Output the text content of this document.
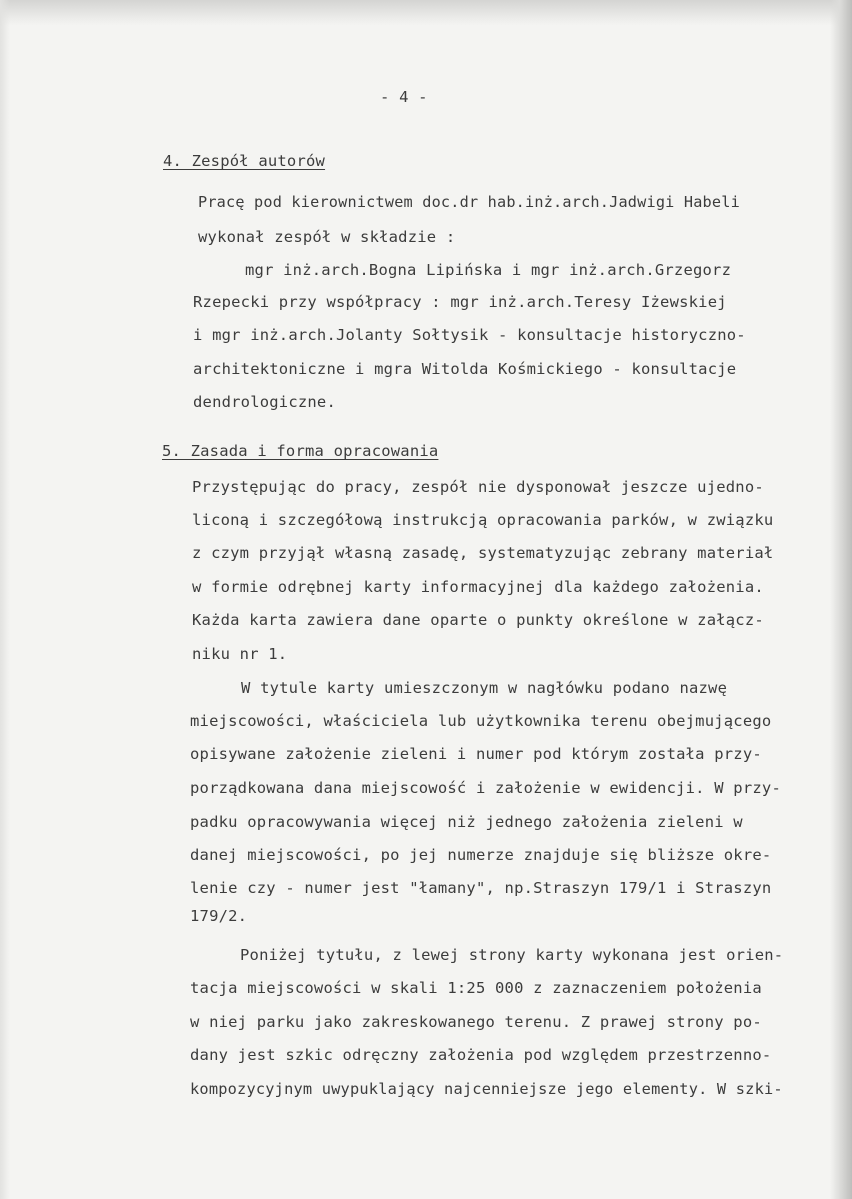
- 4 -
4. Zespół autorów
Pracę pod kierownictwem doc.dr hab.inż.arch.Jadwigi Habeli
wykonał zespół w składzie :
mgr inż.arch.Bogna Lipińska i mgr inż.arch.Grzegorz
Rzepecki przy współpracy : mgr inż.arch.Teresy Iżewskiej
i mgr inż.arch.Jolanty Sołtysik - konsultacje historyczno-
architektoniczne i mgra Witolda Kośmickiego - konsultacje
dendrologiczne.
5. Zasada i forma opracowania
Przystępując do pracy, zespół nie dysponował jeszcze ujedno-
liconą i szczegółową instrukcją opracowania parków, w związku
z czym przyjął własną zasadę, systematyzując zebrany materiał
w formie odrębnej karty informacyjnej dla każdego założenia.
Każda karta zawiera dane oparte o punkty określone w załącz-
niku nr 1.
W tytule karty umieszczonym w nagłówku podano nazwę
miejscowości, właściciela lub użytkownika terenu obejmującego
opisywane założenie zieleni i numer pod którym została przy-
porządkowana dana miejscowość i założenie w ewidencji. W przy-
padku opracowywania więcej niż jednego założenia zieleni w
danej miejscowości, po jej numerze znajduje się bliższe okre-
lenie czy - numer jest "łamany", np.Straszyn 179/1 i Straszyn
179/2.
Poniżej tytułu, z lewej strony karty wykonana jest orien-
tacja miejscowości w skali 1:25 000 z zaznaczeniem położenia
w niej parku jako zakreskowanego terenu. Z prawej strony po-
dany jest szkic odręczny założenia pod względem przestrzenno-
kompozycyjnym uwypuklający najcenniejsze jego elementy. W szki-
